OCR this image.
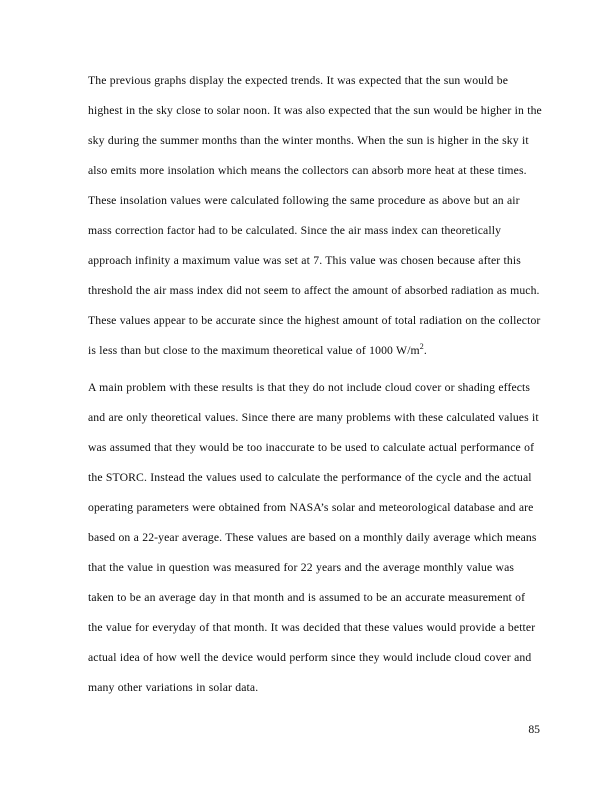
The previous graphs display the expected trends. It was expected that the sun would be
highest in the sky close to solar noon. It was also expected that the sun would be higher in the
sky during the summer months than the winter months. When the sun is higher in the sky it
also emits more insolation which means the collectors can absorb more heat at these times.
These insolation values were calculated following the same procedure as above but an air
mass correction factor had to be calculated. Since the air mass index can theoretically
approach infinity a maximum value was set at 7. This value was chosen because after this
threshold the air mass index did not seem to affect the amount of absorbed radiation as much.
These values appear to be accurate since the highest amount of total radiation on the collector
is less than but close to the maximum theoretical value of 1000 $W/m^2$.

A main problem with these results is that they do not include cloud cover or shading effects
and are only theoretical values. Since there are many problems with these calculated values it
was assumed that they would be too inaccurate to be used to calculate actual performance of
the STORC. Instead the values used to calculate the performance of the cycle and the actual
operating parameters were obtained from NASA’s solar and meteorological database and are
based on a 22-year average. These values are based on a monthly daily average which means
that the value in question was measured for 22 years and the average monthly value was
taken to be an average day in that month and is assumed to be an accurate measurement of
the value for everyday of that month. It was decided that these values would provide a better
actual idea of how well the device would perform since they would include cloud cover and
many other variations in solar data.

85
